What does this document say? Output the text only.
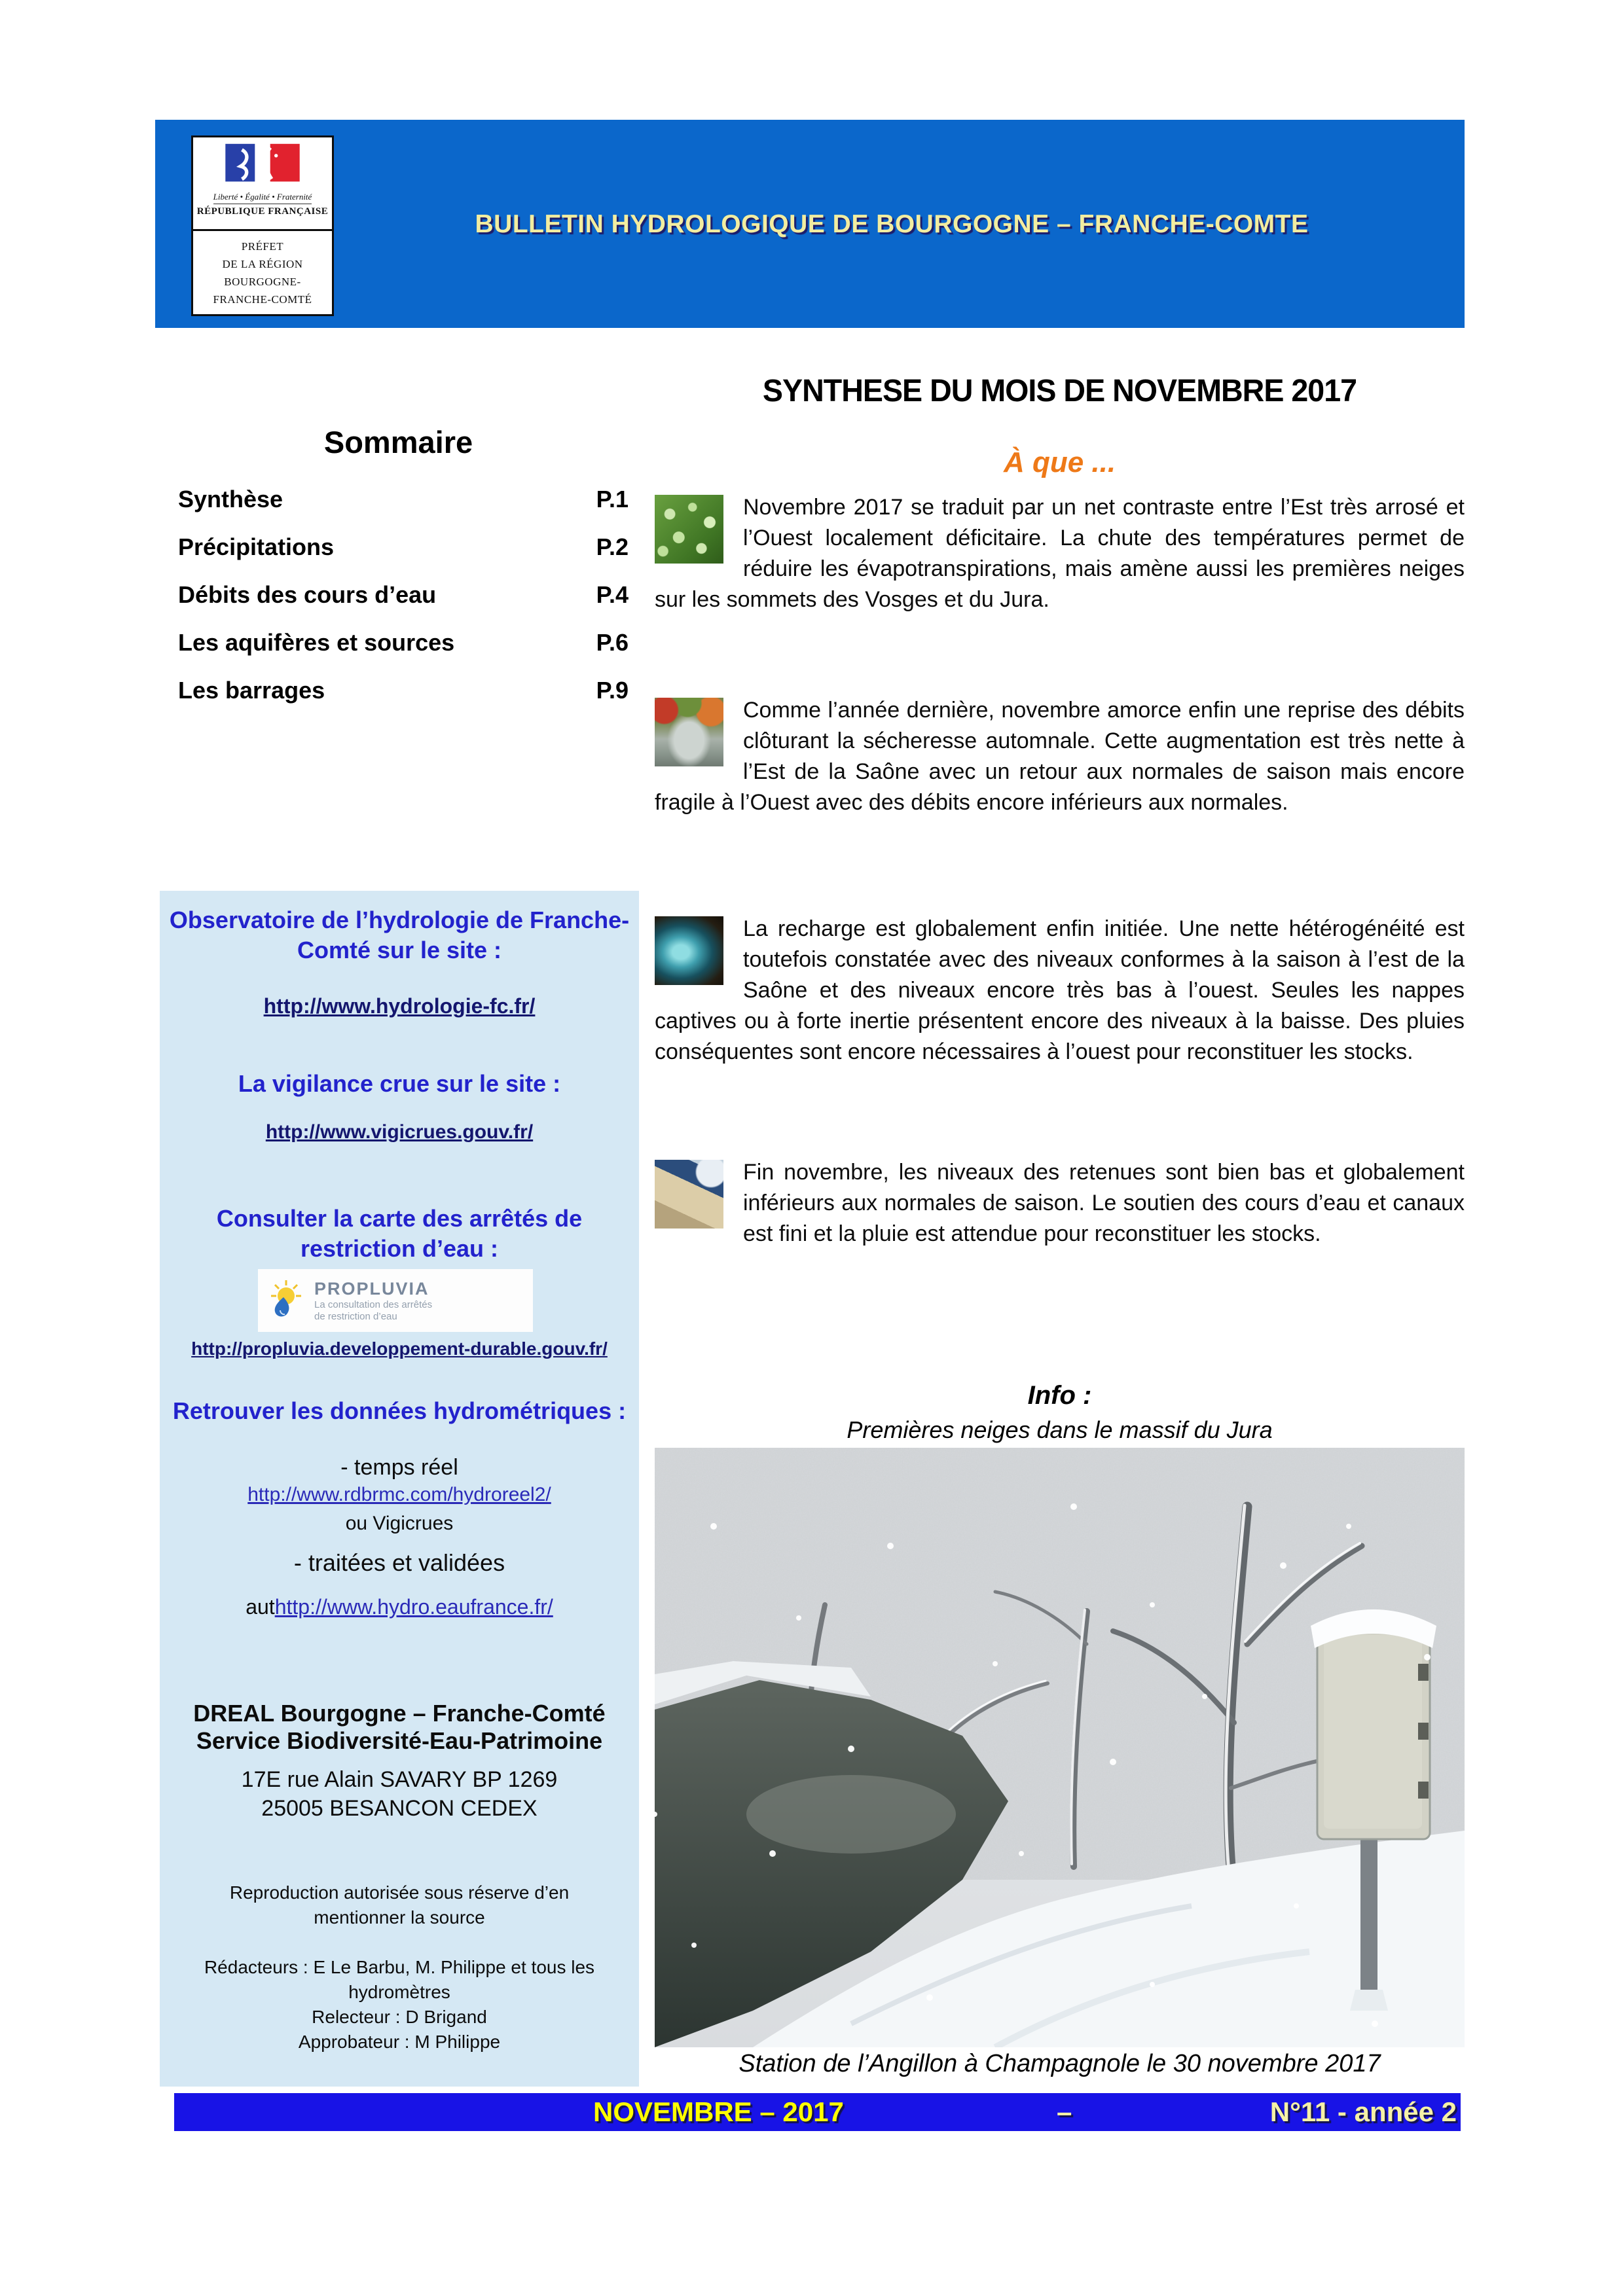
Liberté • Égalité • Fraternité
RÉPUBLIQUE FRANÇAISE
PRÉFET
DE LA RÉGION
BOURGOGNE-
FRANCHE-COMTÉ
BULLETIN HYDROLOGIQUE DE BOURGOGNE – FRANCHE-COMTE
Sommaire
Synthèse	P.1
Précipitations	P.2
Débits des cours d’eau	P.4
Les aquifères et sources	P.6
Les barrages	P.9
SYNTHESE DU MOIS DE NOVEMBRE 2017
À que ...
Novembre 2017 se traduit par un net contraste entre l’Est très arrosé et l’Ouest localement déficitaire. La chute des températures permet de réduire les évapotranspirations, mais amène aussi les premières neiges sur les sommets des Vosges et du Jura.
Comme l’année dernière, novembre amorce enfin une reprise des débits clôturant la sécheresse automnale. Cette augmentation est très nette à l’Est de la Saône avec un retour aux normales de saison mais encore fragile à l’Ouest avec des débits encore inférieurs aux normales.
La recharge est globalement enfin initiée. Une nette hétérogénéité est toutefois constatée avec des niveaux conformes à la saison à l’est de la Saône et des niveaux encore très bas à l’ouest. Seules les nappes captives ou à forte inertie présentent encore des niveaux à la baisse. Des pluies conséquentes sont encore nécessaires à l’ouest pour reconstituer les stocks.
Fin novembre, les niveaux des retenues sont bien bas et globalement inférieurs aux normales de saison. Le soutien des cours d’eau et canaux est fini et la pluie est attendue pour reconstituer les stocks.
Info :
Premières neiges dans le massif du Jura
Station de l’Angillon à Champagnole le 30 novembre 2017
Observatoire de l’hydrologie de Franche-Comté sur le site :
http://www.hydrologie-fc.fr/
La vigilance crue sur le site :
http://www.vigicrues.gouv.fr/
Consulter la carte des arrêtés de restriction d’eau :
PROPLUVIA
La consultation des arrêtés
de restriction d’eau
http://propluvia.developpement-durable.gouv.fr/
Retrouver les données hydrométriques :
- temps réel
http://www.rdbrmc.com/hydroreel2/
ou Vigicrues
- traitées et validées
authttp://www.hydro.eaufrance.fr/
DREAL Bourgogne – Franche-Comté
Service Biodiversité-Eau-Patrimoine
17E rue Alain SAVARY BP 1269
25005 BESANCON CEDEX
Reproduction autorisée sous réserve d’en mentionner la source
Rédacteurs : E Le Barbu, M. Philippe et tous les hydromètres
Relecteur : D Brigand
Approbateur : M Philippe
NOVEMBRE – 2017	–	N°11 - année 2
